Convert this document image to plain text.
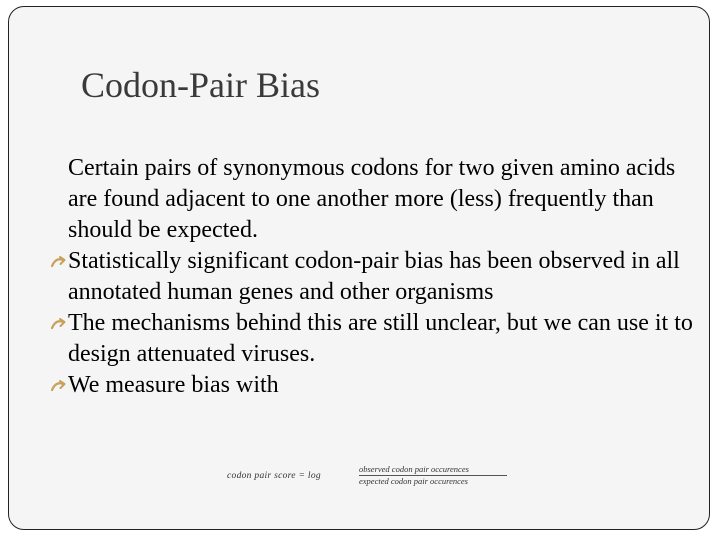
Codon-Pair Bias

Certain pairs of synonymous codons for two given amino acids are found adjacent to one another more (less) frequently than should be expected.

Statistically significant codon-pair bias has been observed in all annotated human genes and other organisms

The mechanisms behind this are still unclear, but we can use it to design attenuated viruses.

We measure bias with

codon pair score = log
observed codon pair occurences
expected codon pair occurences
